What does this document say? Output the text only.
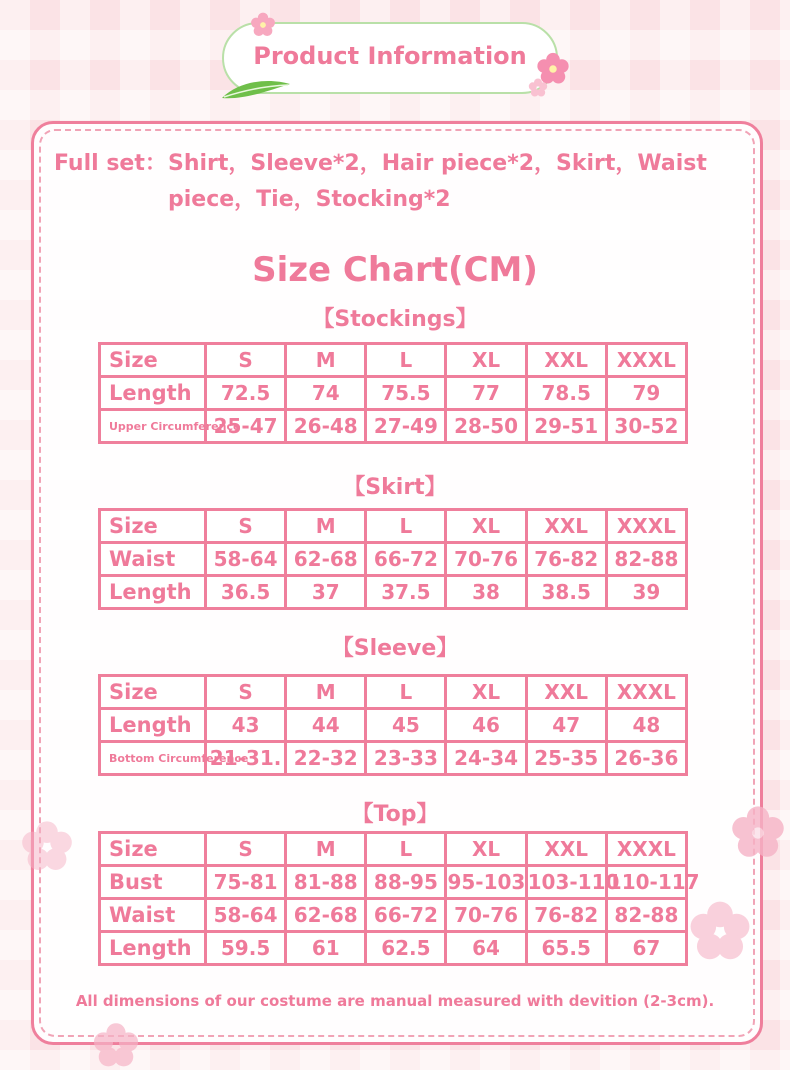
Product Information
Full set：Shirt，Sleeve*2，Hair piece*2，Skirt，Waist
piece，Tie，Stocking*2
Size Chart(CM)
【Stockings】
Size	S	M	L	XL	XXL	XXXL
Length	72.5	74	75.5	77	78.5	79
Upper Circumference	25-47	26-48	27-49	28-50	29-51	30-52
【Skirt】
Size	S	M	L	XL	XXL	XXXL
Waist	58-64	62-68	66-72	70-76	76-82	82-88
Length	36.5	37	37.5	38	38.5	39
【Sleeve】
Size	S	M	L	XL	XXL	XXXL
Length	43	44	45	46	47	48
Bottom Circumference	21-31.	22-32	23-33	24-34	25-35	26-36
【Top】
Size	S	M	L	XL	XXL	XXXL
Bust	75-81	81-88	88-95	95-103	103-110	110-117
Waist	58-64	62-68	66-72	70-76	76-82	82-88
Length	59.5	61	62.5	64	65.5	67
All dimensions of our costume are manual measured with devition (2-3cm).
